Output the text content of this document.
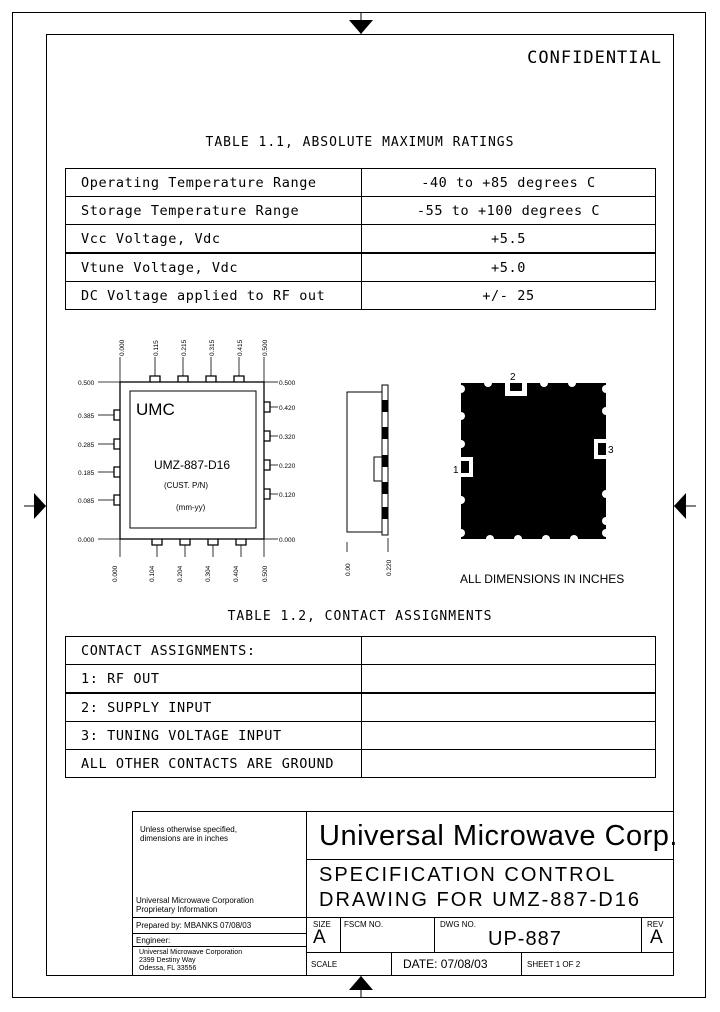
CONFIDENTIAL
TABLE 1.1, ABSOLUTE MAXIMUM RATINGS
Operating Temperature Range	-40 to +85 degrees C
Storage Temperature Range	-55 to +100 degrees C
Vcc Voltage, Vdc	+5.5
Vtune Voltage, Vdc	+5.0
DC Voltage applied to RF out	+/- 25
0.000	0.115	0.215	0.315	0.415	0.500
0.000	0.104	0.204	0.304	0.404	0.500
0.500
0.385
0.285
0.185
0.085
0.000
0.500
0.420
0.320
0.220
0.120
0.000
UMC
UMZ-887-D16
(CUST. P/N)
(mm-yy)
0.00	0.220
2
1
3
ALL DIMENSIONS IN INCHES
TABLE 1.2, CONTACT ASSIGNMENTS
CONTACT ASSIGNMENTS:	
1: RF OUT	
2: SUPPLY INPUT	
3: TUNING VOLTAGE INPUT	
ALL OTHER CONTACTS ARE GROUND	
Unless otherwise specified,
dimensions are in inches
Universal Microwave Corporation
Proprietary Information
Prepared by: MBANKS 07/08/03
Engineer:
Universal Microwave Corporation
2399 Destiny Way
Odessa, FL 33556
Universal Microwave Corp.
SPECIFICATION CONTROL
DRAWING FOR UMZ-887-D16
SIZE
A
FSCM NO.	DWG NO.
UP-887
REV
A
SCALE	DATE: 07/08/03	SHEET 1 OF 2
